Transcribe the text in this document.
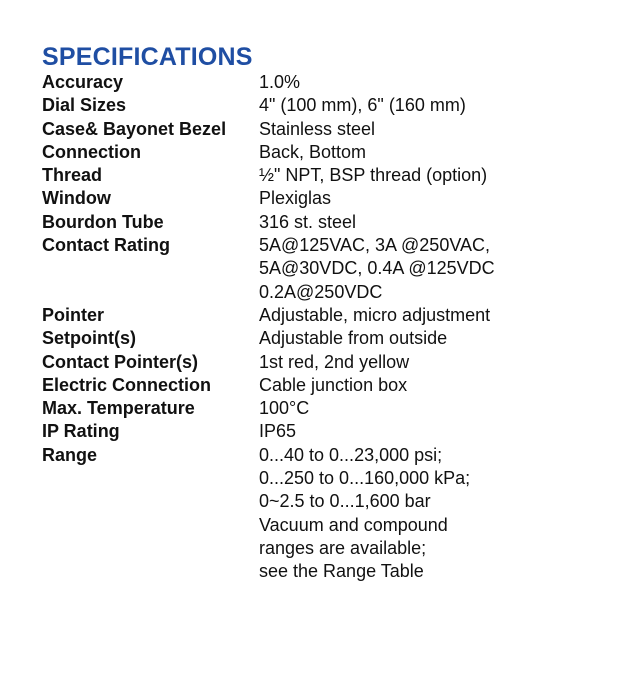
SPECIFICATIONS
Accuracy	1.0%
Dial Sizes	4" (100 mm), 6" (160 mm)
Case& Bayonet Bezel	Stainless steel
Connection	Back, Bottom
Thread	½" NPT, BSP thread (option)
Window	Plexiglas
Bourdon Tube	316 st. steel
Contact Rating	5A@125VAC, 3A @250VAC,
5A@30VDC, 0.4A @125VDC
0.2A@250VDC
Pointer	Adjustable, micro adjustment
Setpoint(s)	Adjustable from outside
Contact Pointer(s)	1st red, 2nd yellow
Electric Connection	Cable junction box
Max. Temperature	100°C
IP Rating	IP65
Range	0...40 to 0...23,000 psi;
0...250 to 0...160,000 kPa;
0~2.5 to 0...1,600 bar
Vacuum and compound
ranges are available;
see the Range Table
